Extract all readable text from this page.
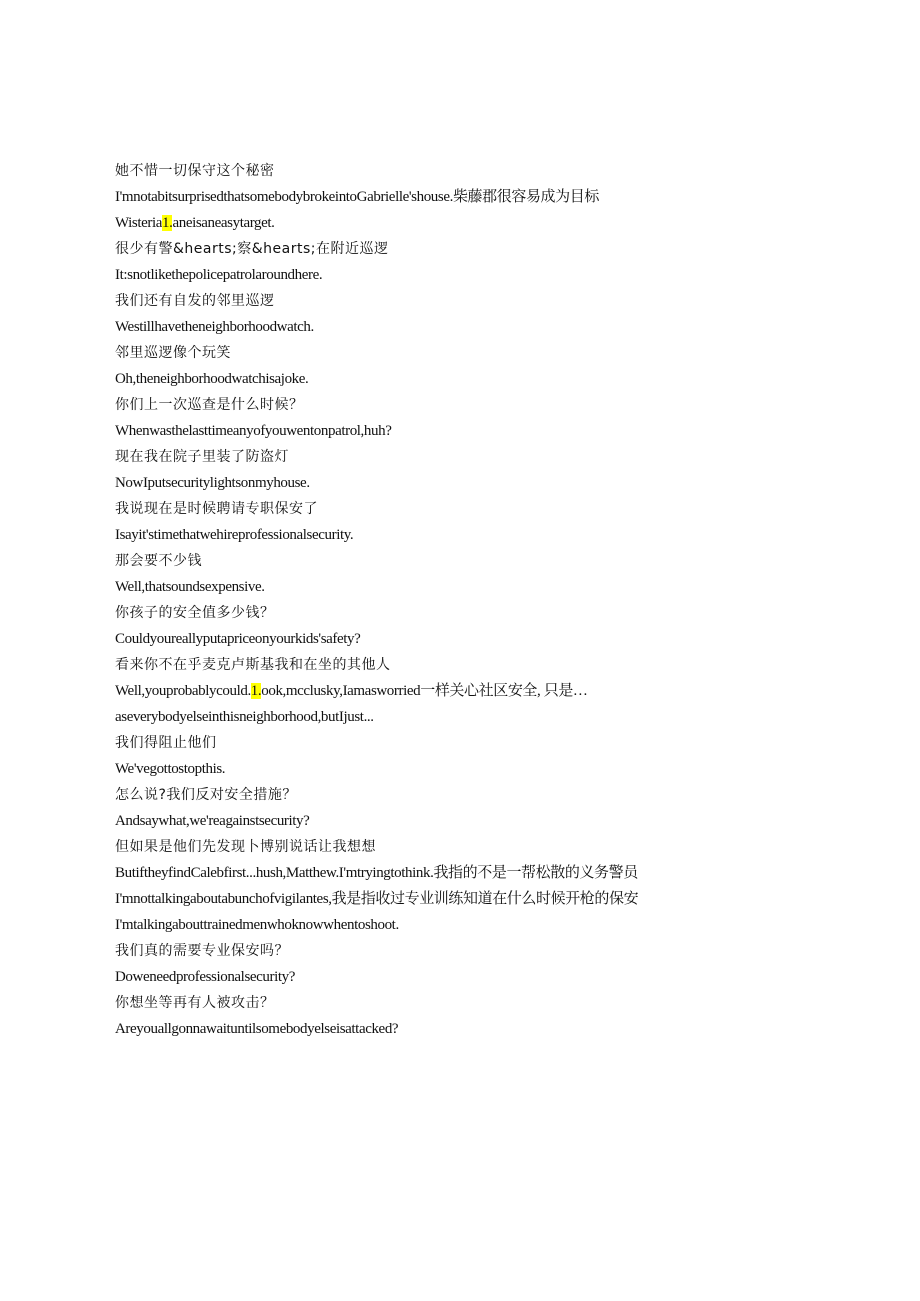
她不惜一切保守这个秘密
I'mnotabitsurprisedthatsomebodybrokeintoGabrielle'shouse.柴藤郡很容易成为目标
Wisteria1.aneisaneasytarget.
很少有警&hearts;察&hearts;在附近巡逻
It:snotlikethepolicepatrolaroundhere.
我们还有自发的邻里巡逻
Westillhavetheneighborhoodwatch.
邻里巡逻像个玩笑
Oh,theneighborhoodwatchisajoke.
你们上一次巡查是什么时候？
Whenwasthelasttimeanyofyouwentonpatrol,huh?
现在我在院子里装了防盗灯
NowIputsecuritylightsonmyhouse.
我说现在是时候聘请专职保安了
Isayit'stimethatwehireprofessionalsecurity.
那会要不少钱
Well,thatsoundsexpensive.
你孩子的安全值多少钱？
Couldyoureallyputapriceonyourkids'safety?
看来你不在乎麦克卢斯基我和在坐的其他人
Well,youprobablycould.1.ook,mcclusky,Iamasworried一样关心社区安全, 只是…
aseverybodyelseinthisneighborhood,butIjust...
我们得阻止他们
We'vegottostopthis.
怎么说?我们反对安全措施？
Andsaywhat,we'reagainstsecurity?
但如果是他们先发现卜博别说话让我想想
ButiftheyfindCalebfirst...hush,Matthew.I'mtryingtothink.我指的不是一帮松散的义务警员
I'mnottalkingaboutabunchofvigilantes,我是指收过专业训练知道在什么时候开枪的保安
I'mtalkingabouttrainedmenwhoknowwhentoshoot.
我们真的需要专业保安吗？
Doweneedprofessionalsecurity?
你想坐等再有人被攻击？
Areyouallgonnawaituntilsomebodyelseisattacked?
